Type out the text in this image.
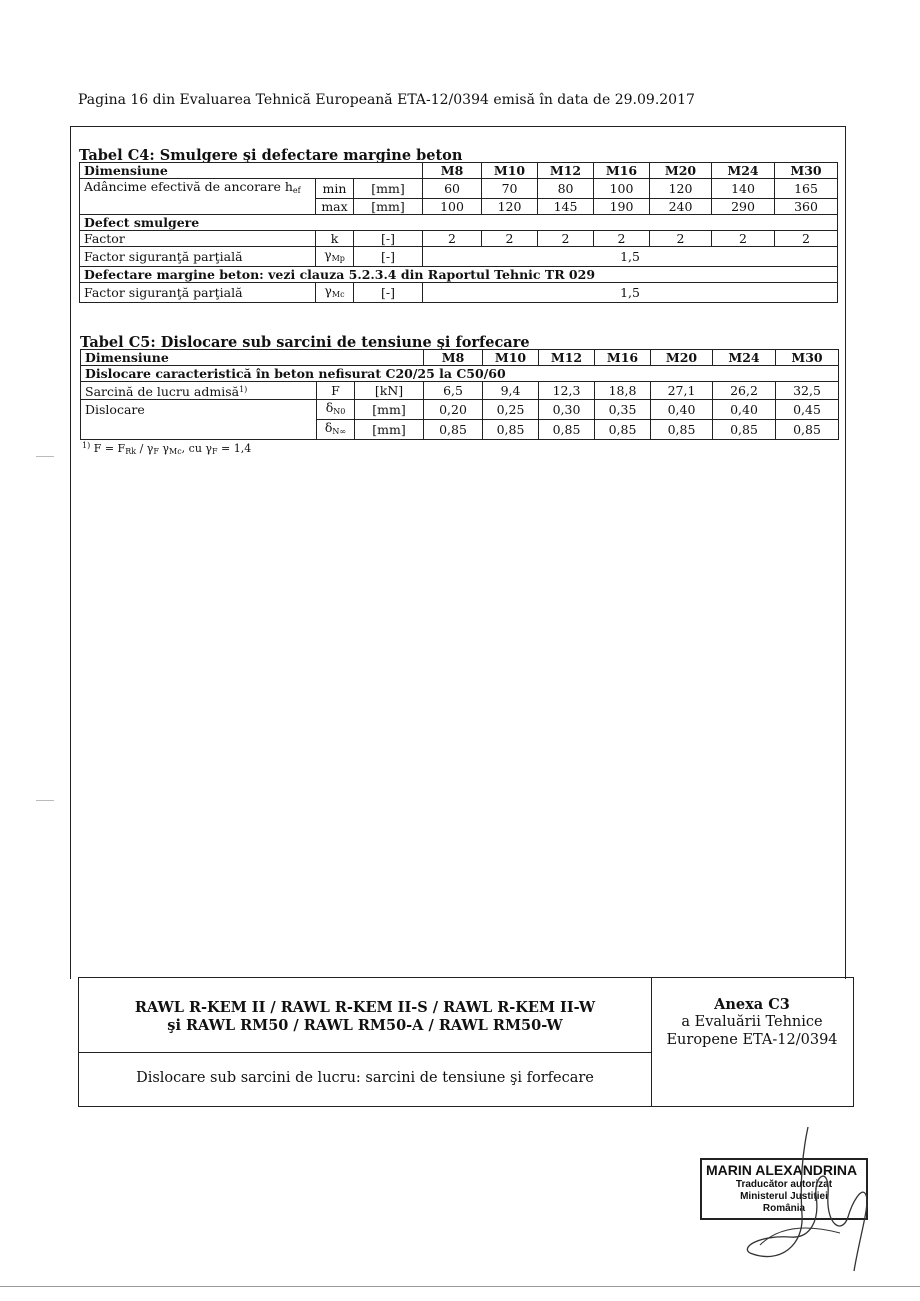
Pagina 16 din Evaluarea Tehnică Europeană ETA-12/0394 emisă în data de 29.09.2017
Tabel C4: Smulgere şi defectare margine beton
Dimensiune			M8	M10	M12	M16	M20	M24	M30
Adâncime efectivă de ancorare $h_{ef}$	min	[mm]	60	70	80	100	120	140	165
	max	[mm]	100	120	145	190	240	290	360
Defect smulgere									
Factor	k	[-]	2	2	2	2	2	2	2
Factor siguranţă parţială	$\gamma_{Mp}$	[-]	1,5						
Defectare margine beton: vezi clauza 5.2.3.4 din Raportul Tehnic TR 029									
Factor siguranţă parţială	$\gamma_{Mc}$	[-]	1,5						
Tabel C5: Dislocare sub sarcini de tensiune şi forfecare
Dimensiune			M8	M10	M12	M16	M20	M24	M30
Dislocare caracteristică în beton nefisurat C20/25 la C50/60									
Sarcină de lucru admisă$^{1)}$	F	[kN]	6,5	9,4	12,3	18,8	27,1	26,2	32,5
Dislocare	$\delta_{N0}$	[mm]	0,20	0,25	0,30	0,35	0,40	0,40	0,45
	$\delta_{N\infty}$	[mm]	0,85	0,85	0,85	0,85	0,85	0,85	0,85
$^{1)}$ $F = F_{Rk} / \gamma_F$ $\gamma_{Mc}$, cu $\gamma_F = 1,4$
RAWL R-KEM II / RAWL R-KEM II-S / RAWL R-KEM II-W
şi RAWL RM50 / RAWL RM50-A / RAWL RM50-W
Dislocare sub sarcini de lucru: sarcini de tensiune şi forfecare
Anexa C3
a Evaluării Tehnice
Europene ETA-12/0394
MARIN ALEXANDRINA
Traducător autorizat
Ministerul Justiţiei
România
